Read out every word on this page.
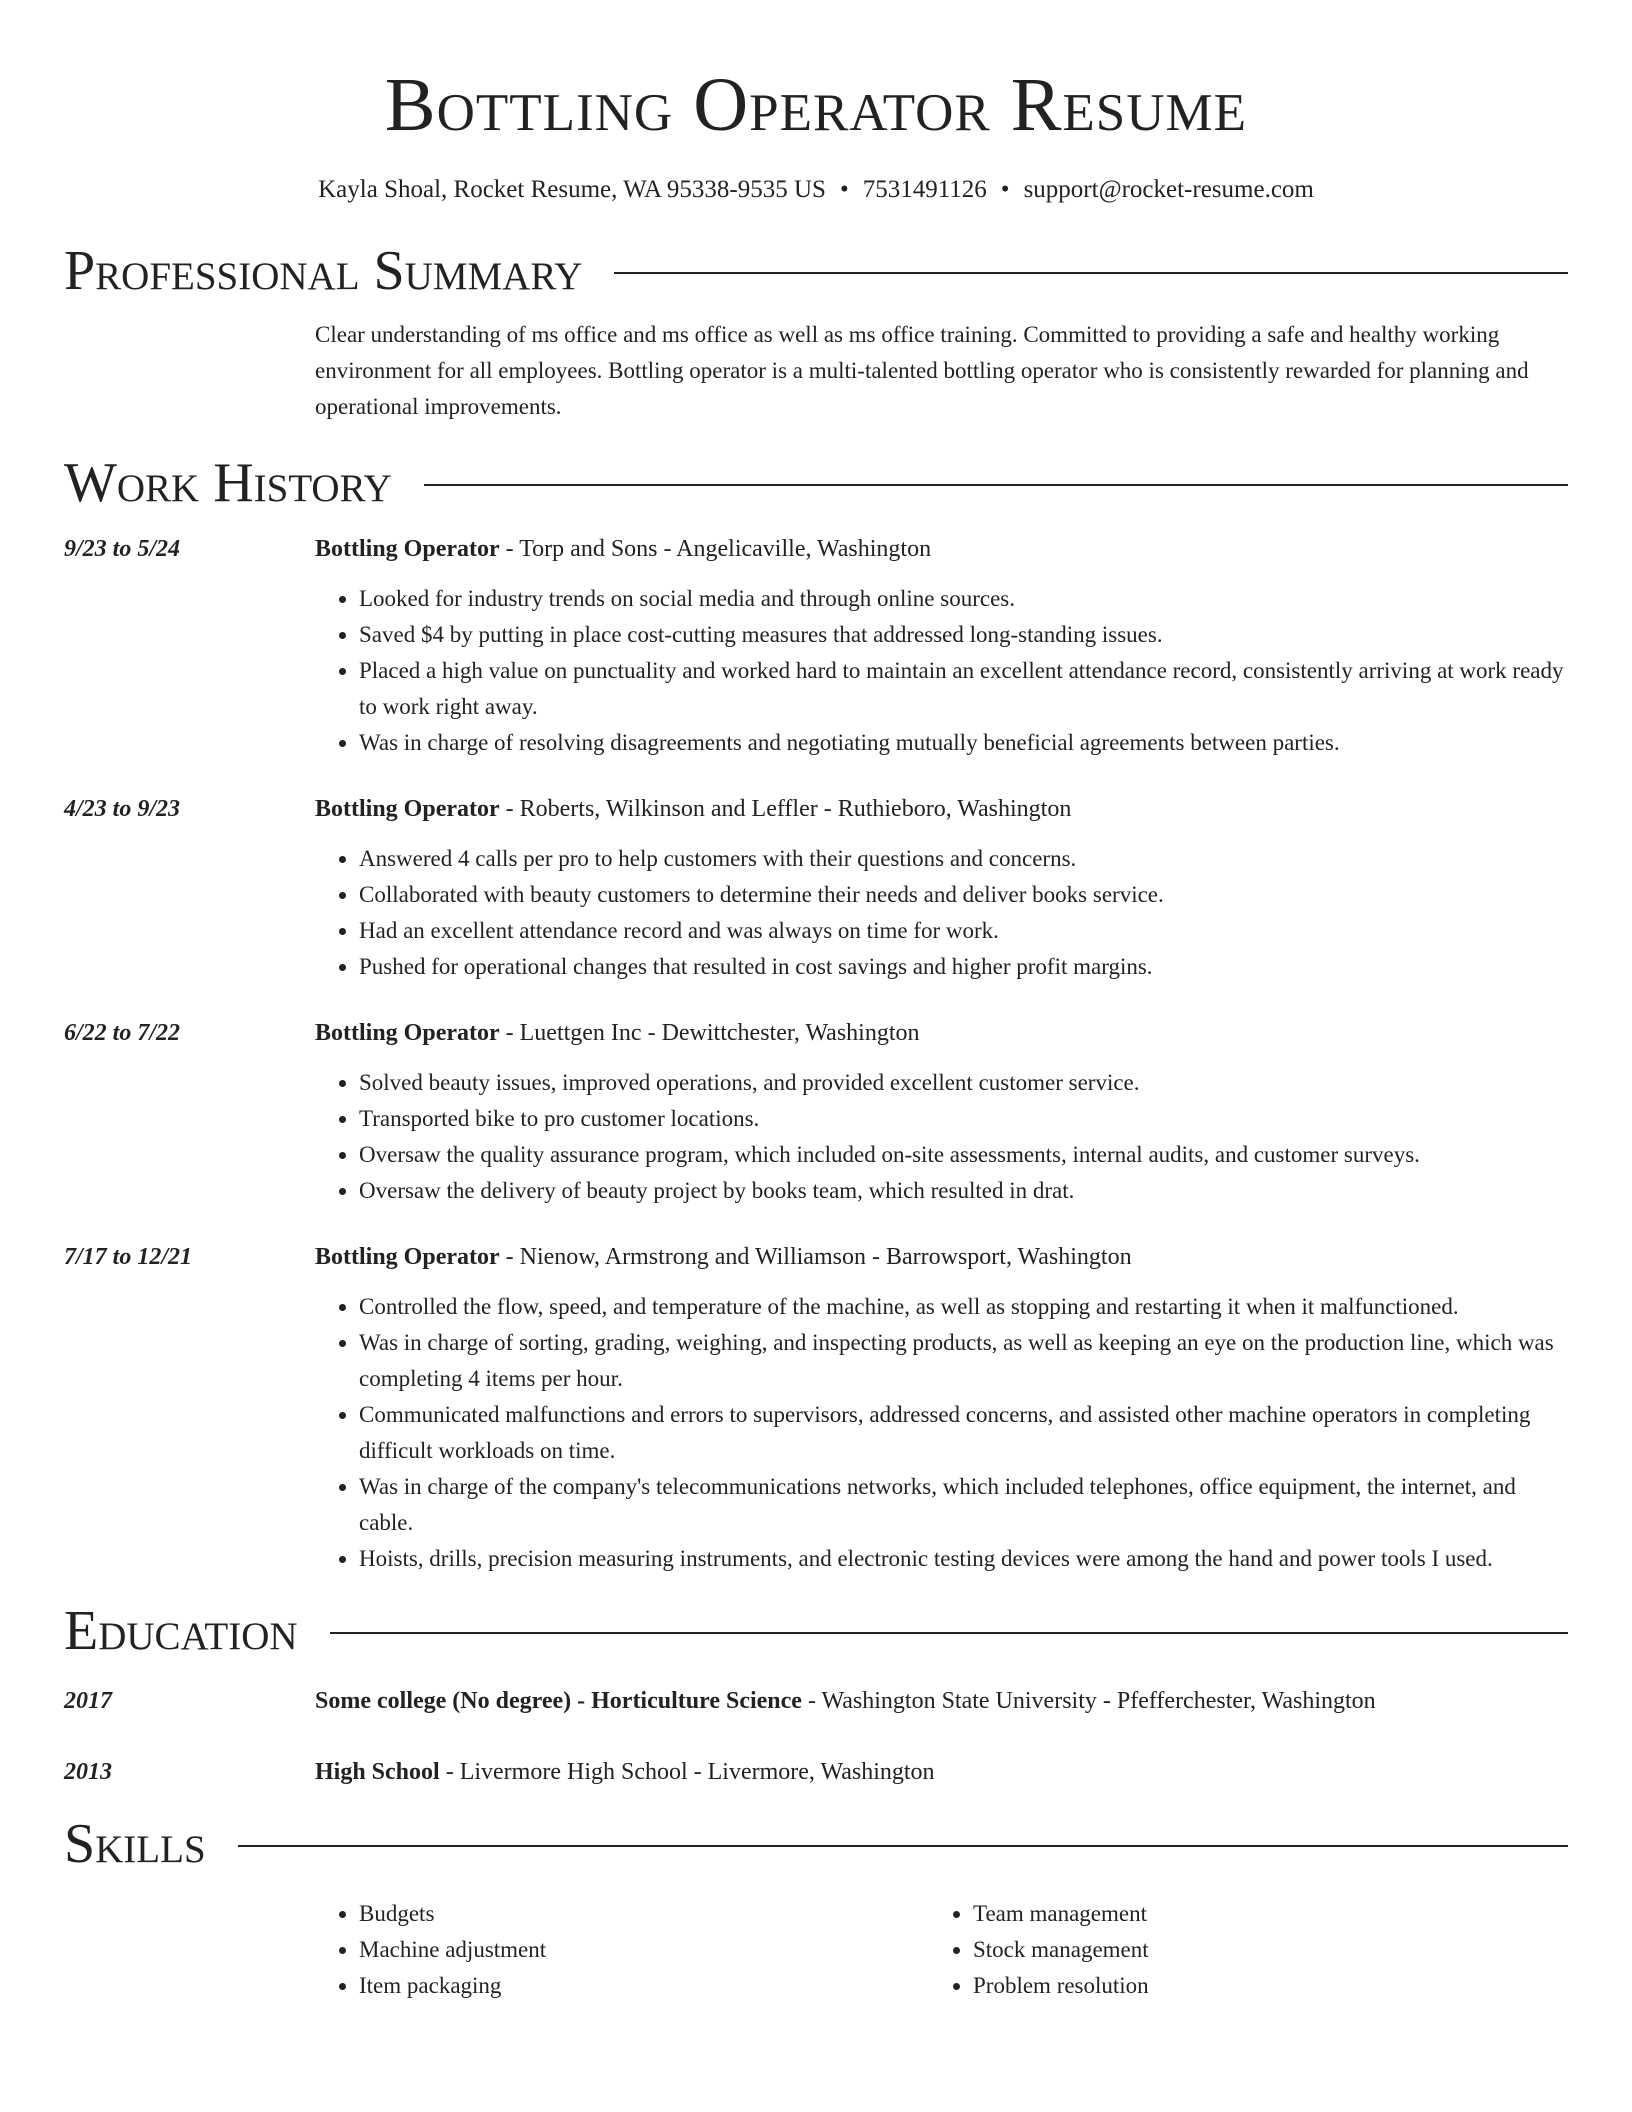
Bottling Operator Resume
Kayla Shoal, Rocket Resume, WA 95338-9535 US • 7531491126 • support@rocket-resume.com
Professional Summary
Clear understanding of ms office and ms office as well as ms office training. Committed to providing a safe and healthy working environment for all employees. Bottling operator is a multi-talented bottling operator who is consistently rewarded for planning and operational improvements.
Work History
9/23 to 5/24	Bottling Operator - Torp and Sons - Angelicaville, Washington
• Looked for industry trends on social media and through online sources.
• Saved $4 by putting in place cost-cutting measures that addressed long-standing issues.
• Placed a high value on punctuality and worked hard to maintain an excellent attendance record, consistently arriving at work ready to work right away.
• Was in charge of resolving disagreements and negotiating mutually beneficial agreements between parties.
4/23 to 9/23	Bottling Operator - Roberts, Wilkinson and Leffler - Ruthieboro, Washington
• Answered 4 calls per pro to help customers with their questions and concerns.
• Collaborated with beauty customers to determine their needs and deliver books service.
• Had an excellent attendance record and was always on time for work.
• Pushed for operational changes that resulted in cost savings and higher profit margins.
6/22 to 7/22	Bottling Operator - Luettgen Inc - Dewittchester, Washington
• Solved beauty issues, improved operations, and provided excellent customer service.
• Transported bike to pro customer locations.
• Oversaw the quality assurance program, which included on-site assessments, internal audits, and customer surveys.
• Oversaw the delivery of beauty project by books team, which resulted in drat.
7/17 to 12/21	Bottling Operator - Nienow, Armstrong and Williamson - Barrowsport, Washington
• Controlled the flow, speed, and temperature of the machine, as well as stopping and restarting it when it malfunctioned.
• Was in charge of sorting, grading, weighing, and inspecting products, as well as keeping an eye on the production line, which was completing 4 items per hour.
• Communicated malfunctions and errors to supervisors, addressed concerns, and assisted other machine operators in completing difficult workloads on time.
• Was in charge of the company's telecommunications networks, which included telephones, office equipment, the internet, and cable.
• Hoists, drills, precision measuring instruments, and electronic testing devices were among the hand and power tools I used.
Education
2017	Some college (No degree) - Horticulture Science - Washington State University - Pfefferchester, Washington
2013	High School - Livermore High School - Livermore, Washington
Skills
• Budgets
• Machine adjustment
• Item packaging
• Team management
• Stock management
• Problem resolution
